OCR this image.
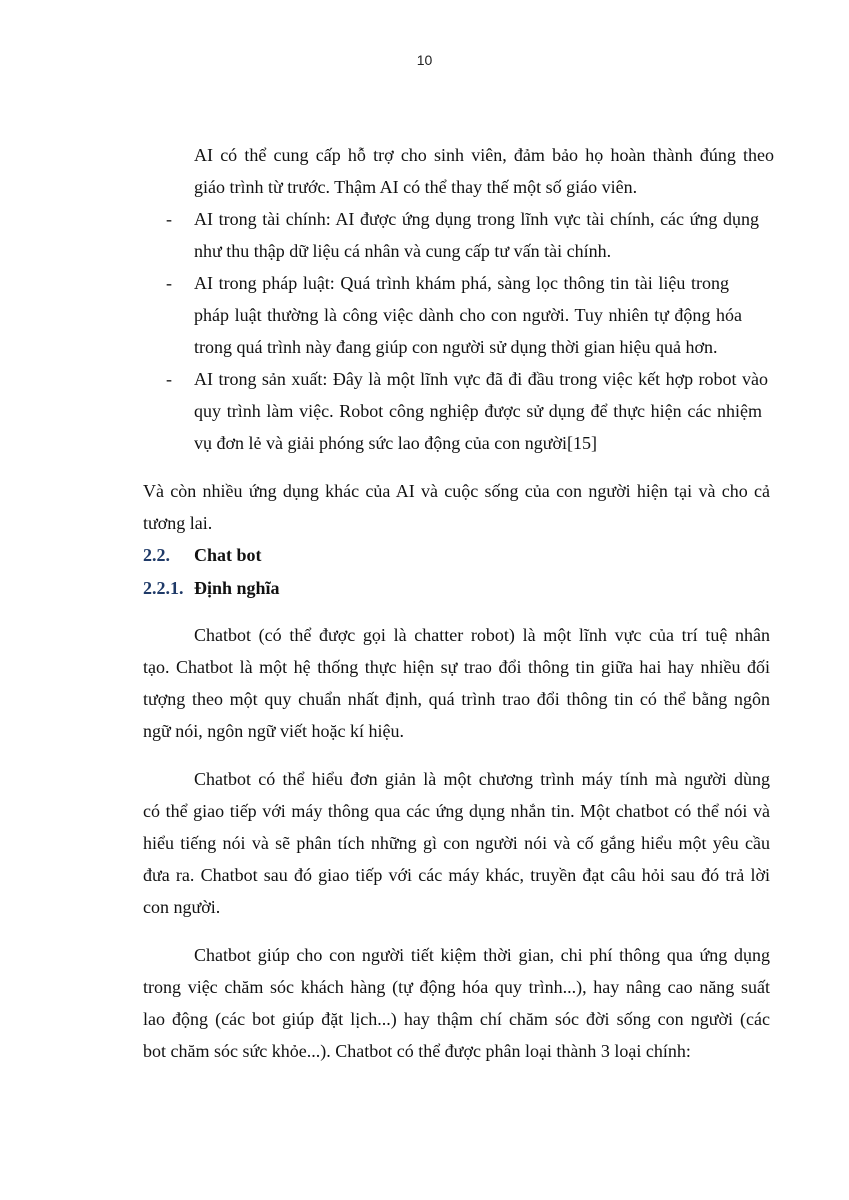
10
AI có thể cung cấp hỗ trợ cho sinh viên, đảm bảo họ hoàn thành đúng theo
giáo trình từ trước. Thậm AI có thể thay thế một số giáo viên.
- AI trong tài chính: AI được ứng dụng trong lĩnh vực tài chính, các ứng dụng
như thu thập dữ liệu cá nhân và cung cấp tư vấn tài chính.
- AI trong pháp luật: Quá trình khám phá, sàng lọc thông tin tài liệu trong
pháp luật thường là công việc dành cho con người. Tuy nhiên tự động hóa
trong quá trình này đang giúp con người sử dụng thời gian hiệu quả hơn.
- AI trong sản xuất: Đây là một lĩnh vực đã đi đầu trong việc kết hợp robot vào
quy trình làm việc. Robot công nghiệp được sử dụng để thực hiện các nhiệm
vụ đơn lẻ và giải phóng sức lao động của con người[15]
Và còn nhiều ứng dụng khác của AI và cuộc sống của con người hiện tại và cho cả
tương lai.
2.2. Chat bot
2.2.1. Định nghĩa
Chatbot (có thể được gọi là chatter robot) là một lĩnh vực của trí tuệ nhân
tạo. Chatbot là một hệ thống thực hiện sự trao đổi thông tin giữa hai hay nhiều đối
tượng theo một quy chuẩn nhất định, quá trình trao đổi thông tin có thể bằng ngôn
ngữ nói, ngôn ngữ viết hoặc kí hiệu.
Chatbot có thể hiểu đơn giản là một chương trình máy tính mà người dùng
có thể giao tiếp với máy thông qua các ứng dụng nhắn tin. Một chatbot có thể nói và
hiểu tiếng nói và sẽ phân tích những gì con người nói và cố gắng hiểu một yêu cầu
đưa ra. Chatbot sau đó giao tiếp với các máy khác, truyền đạt câu hỏi sau đó trả lời
con người.
Chatbot giúp cho con người tiết kiệm thời gian, chi phí thông qua ứng dụng
trong việc chăm sóc khách hàng (tự động hóa quy trình...), hay nâng cao năng suất
lao động (các bot giúp đặt lịch...) hay thậm chí chăm sóc đời sống con người (các
bot chăm sóc sức khỏe...). Chatbot có thể được phân loại thành 3 loại chính:
